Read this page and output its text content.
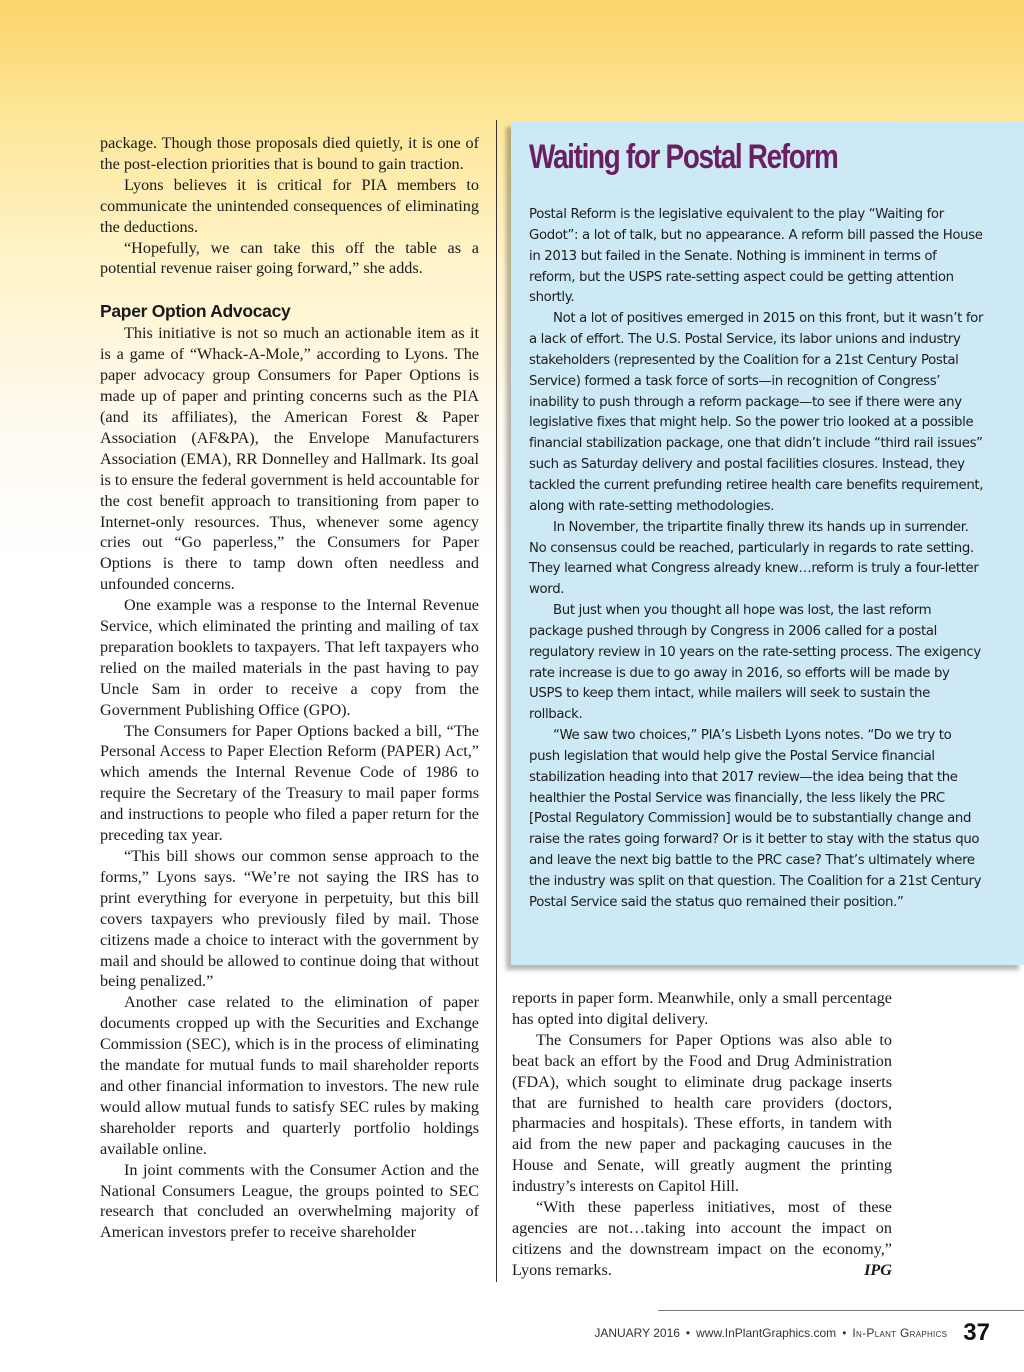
package. Though those proposals died quietly, it is one of the post-election priorities that is bound to gain traction.

Lyons believes it is critical for PIA members to communicate the unintended consequences of eliminating the deductions.

“Hopefully, we can take this off the table as a potential revenue raiser going forward,” she adds.

Paper Option Advocacy

This initiative is not so much an actionable item as it is a game of “Whack-A-Mole,” according to Lyons. The paper advocacy group Consumers for Paper Options is made up of paper and printing concerns such as the PIA (and its affiliates), the American Forest & Paper Association (AF&PA), the Envelope Manufacturers Association (EMA), RR Donnelley and Hallmark. Its goal is to ensure the federal government is held accountable for the cost benefit approach to transitioning from paper to Internet-only resources. Thus, whenever some agency cries out “Go paperless,” the Consumers for Paper Options is there to tamp down often needless and unfounded concerns.

One example was a response to the Internal Revenue Service, which eliminated the printing and mailing of tax preparation booklets to taxpayers. That left taxpayers who relied on the mailed materials in the past having to pay Uncle Sam in order to receive a copy from the Government Publishing Office (GPO).

The Consumers for Paper Options backed a bill, “The Personal Access to Paper Election Reform (PAPER) Act,” which amends the Internal Revenue Code of 1986 to require the Secretary of the Treasury to mail paper forms and instructions to people who filed a paper return for the preceding tax year.

“This bill shows our common sense approach to the forms,” Lyons says. “We’re not saying the IRS has to print everything for everyone in perpetuity, but this bill covers taxpayers who previously filed by mail. Those citizens made a choice to interact with the government by mail and should be allowed to continue doing that without being penalized.”

Another case related to the elimination of paper documents cropped up with the Securities and Exchange Commission (SEC), which is in the process of eliminating the mandate for mutual funds to mail shareholder reports and other financial information to investors. The new rule would allow mutual funds to satisfy SEC rules by making shareholder reports and quarterly portfolio holdings available online.

In joint comments with the Consumer Action and the National Consumers League, the groups pointed to SEC research that concluded an overwhelming majority of American investors prefer to receive shareholder

Waiting for Postal Reform

Postal Reform is the legislative equivalent to the play “Waiting for Godot”: a lot of talk, but no appearance. A reform bill passed the House in 2013 but failed in the Senate. Nothing is imminent in terms of reform, but the USPS rate-setting aspect could be getting attention shortly.

Not a lot of positives emerged in 2015 on this front, but it wasn’t for a lack of effort. The U.S. Postal Service, its labor unions and industry stakeholders (represented by the Coalition for a 21st Century Postal Service) formed a task force of sorts—in recognition of Congress’ inability to push through a reform package—to see if there were any legislative fixes that might help. So the power trio looked at a possible financial stabilization package, one that didn’t include “third rail issues” such as Saturday delivery and postal facilities closures. Instead, they tackled the current prefunding retiree health care benefits requirement, along with rate-setting methodologies.

In November, the tripartite finally threw its hands up in surrender. No consensus could be reached, particularly in regards to rate setting. They learned what Congress already knew…reform is truly a four-letter word.

But just when you thought all hope was lost, the last reform package pushed through by Congress in 2006 called for a postal regulatory review in 10 years on the rate-setting process. The exigency rate increase is due to go away in 2016, so efforts will be made by USPS to keep them intact, while mailers will seek to sustain the rollback.

“We saw two choices,” PIA’s Lisbeth Lyons notes. “Do we try to push legislation that would help give the Postal Service financial stabilization heading into that 2017 review—the idea being that the healthier the Postal Service was financially, the less likely the PRC [Postal Regulatory Commission] would be to substantially change and raise the rates going forward? Or is it better to stay with the status quo and leave the next big battle to the PRC case? That’s ultimately where the industry was split on that question. The Coalition for a 21st Century Postal Service said the status quo remained their position.”

reports in paper form. Meanwhile, only a small percentage has opted into digital delivery.

The Consumers for Paper Options was also able to beat back an effort by the Food and Drug Administration (FDA), which sought to eliminate drug package inserts that are furnished to health care providers (doctors, pharmacies and hospitals). These efforts, in tandem with aid from the new paper and packaging caucuses in the House and Senate, will greatly augment the printing industry’s interests on Capitol Hill.

“With these paperless initiatives, most of these agencies are not…taking into account the impact on citizens and the downstream impact on the economy,” Lyons remarks.	IPG

JANUARY 2016 • www.InPlantGraphics.com • In-Plant Graphics 37
